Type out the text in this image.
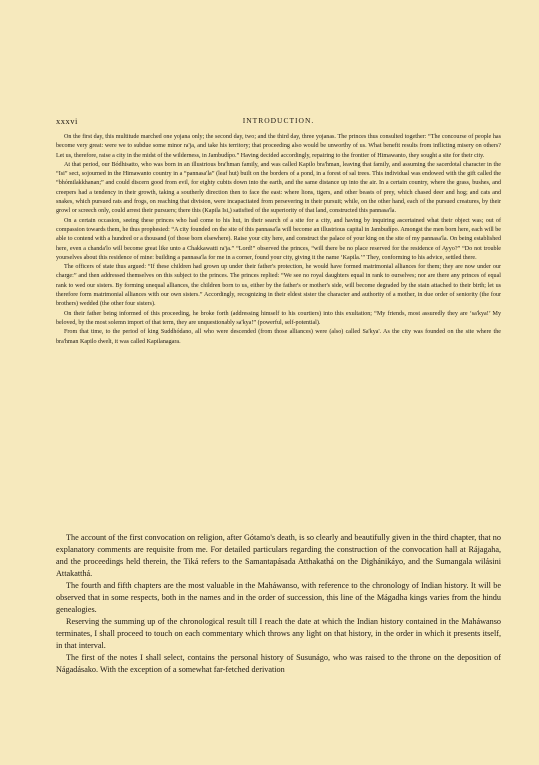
xxxvi	INTRODUCTION.

On the first day, this multitude marched one yojana only; the second day, two; and the third day, three yojanas. The princes thus consulted together: “The concourse of people has become very great: were we to subdue some minor ra'ja, and take his territory; that proceeding also would be unworthy of us. What benefit results from inflicting misery on others? Let us, therefore, raise a city in the midst of the wilderness, in Jambudípo.” Having decided accordingly, repairing to the frontier of Himawanto, they sought a site for their city.

At that period, our Bódhisatto, who was born in an illustrious bra'hman family, and was called Kapilo bra'hman, leaving that family, and assuming the sacerdotal character in the “Isi” sect, sojourned in the Himawanto country in a “pannasa'la” (leaf hut) built on the borders of a pond, in a forest of sal trees. This individual was endowed with the gift called the “bhómilakkhanan;” and could discern good from evil, for eighty cubits down into the earth, and the same distance up into the air. In a certain country, where the grass, bushes, and creepers had a tendency in their growth, taking a southerly direction then to face the east: where lions, tigers, and other beasts of prey, which chased deer and hog; and cats and snakes, which pursued rats and frogs, on reaching that division, were incapacitated from persevering in their pursuit; while, on the other hand, each of the pursued creatures, by their growl or screech only, could arrest their pursuers; there this (Kapila Isi,) satisfied of the superiority of that land, constructed this pannasa'la.

On a certain occasion, seeing these princes who had come to his hut, in their search of a site for a city, and having by inquiring ascertained what their object was; out of compassion towards them, he thus prophesied: “A city founded on the site of this pannasa'la will become an illustrious capital in Jambudípo. Amongst the men born here, each will be able to contend with a hundred or a thousand (of those born elsewhere). Raise your city here, and construct the palace of your king on the site of my pannasa'la. On being established here, even a chanda'lo will become great like unto a Chakkawatti ra'ja.” “Lord!” observed the princes, “will there be no place reserved for the residence of Ayyo?” “Do not trouble yourselves about this residence of mine: building a pannasa'la for me in a corner, found your city, giving it the name ‘Kapila.’” They, conforming to his advice, settled there.

The officers of state thus argued: “If these children had grown up under their father's protection, he would have formed matrimonial alliances for them; they are now under our charge:” and then addressed themselves on this subject to the princes. The princes replied: “We see no royal daughters equal in rank to ourselves; nor are there any princes of equal rank to wed our sisters. By forming unequal alliances, the children born to us, either by the father's or mother's side, will become degraded by the stain attached to their birth; let us therefore form matrimonial alliances with our own sisters.” Accordingly, recognizing in their eldest sister the character and authority of a mother, in due order of seniority (the four brothers) wedded (the other four sisters).

On their father being informed of this proceeding, he broke forth (addressing himself to his courtiers) into this exultation; “My friends, most assuredly they are ‘sa'kya!’ My beloved, by the most solemn import of that term, they are unquestionably sa'kya!” (powerful, self-potential).

From that time, to the period of king Suddhódano, all who were descended (from those alliances) were (also) called Sa'kya'. As the city was founded on the site where the bra'hman Kapilo dwelt, it was called Kapilanagara.

The account of the first convocation on religion, after Gótamo's death, is so clearly and beautifully given in the third chapter, that no explanatory comments are requisite from me. For detailed particulars regarding the construction of the convocation hall at Rájagaha, and the proceedings held therein, the Tiká refers to the Samantapásada Atthakathá on the Dighánikáyo, and the Sumangala wilásini Attakatthá.

The fourth and fifth chapters are the most valuable in the Maháwanso, with reference to the chronology of Indian history. It will be observed that in some respects, both in the names and in the order of succession, this line of the Mágadha kings varies from the hindu genealogies.

Reserving the summing up of the chronological result till I reach the date at which the Indian history contained in the Maháwanso terminates, I shall proceed to touch on each commentary which throws any light on that history, in the order in which it presents itself, in that interval.

The first of the notes I shall select, contains the personal history of Susunágo, who was raised to the throne on the deposition of Nágadásako. With the exception of a somewhat far-fetched derivation
